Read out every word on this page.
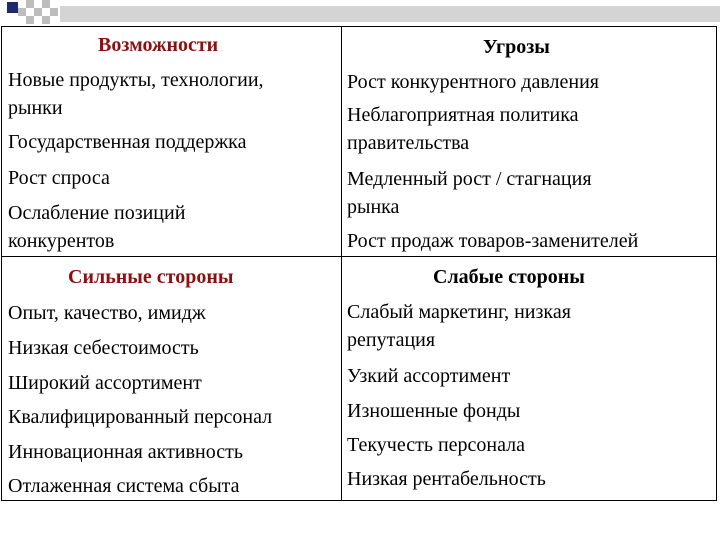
Возможности
Новые продукты, технологии,
рынки
Государственная поддержка
Рост спроса
Ослабление позиций
конкурентов
Угрозы
Рост конкурентного давления
Неблагоприятная политика
правительства
Медленный рост / стагнация
рынка
Рост продаж товаров-заменителей
Сильные стороны
Опыт, качество, имидж
Низкая себестоимость
Широкий ассортимент
Квалифицированный персонал
Инновационная активность
Отлаженная система сбыта
Слабые стороны
Слабый маркетинг, низкая
репутация
Узкий ассортимент
Изношенные фонды
Текучесть персонала
Низкая рентабельность
